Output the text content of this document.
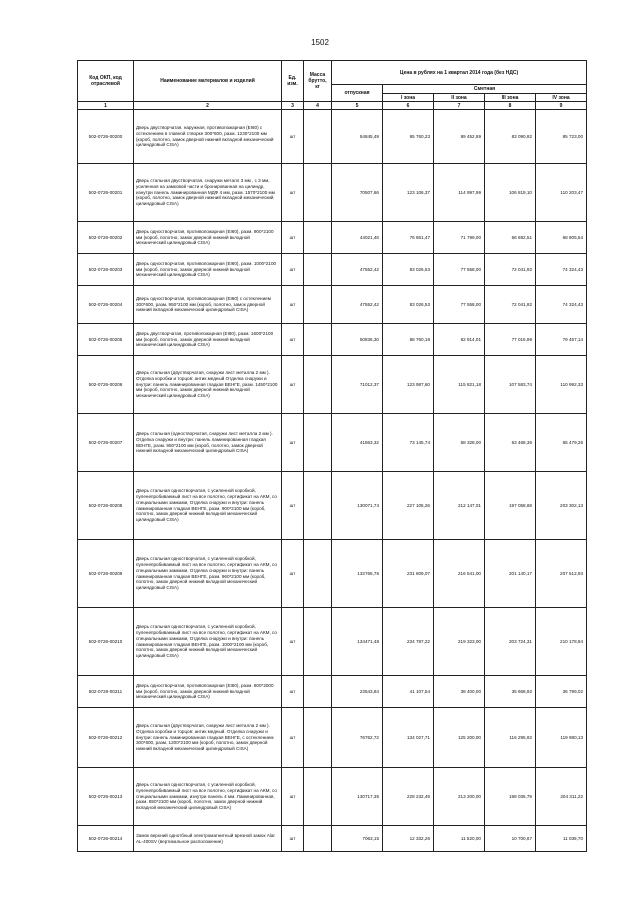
1502
Код ОКП, код отраслевой	Наименование материалов и изделий	Ед. изм.	Масса брутто, кг	Цена в рублях на 1 квартал 2014 года (без НДС)				
				отпускная	Сметная			
					I зона	II зона	III зона	IV зона
1	2	3	4	5	6	7	8	9
502-0726-00200	Дверь двустворчатая, наружная, противопожарная (EI60) с остеклением в главной створке 300*600, разм. 1230*2100 мм (короб, полотно, замок дверной нижний вкладной механический цилиндровый CISA)	шт		54845,49	95 760,23	89 452,69	83 090,92	85 723,00
502-0726-00201	Дверь стальная двустворчатая, снаружи металл 3 мм , с 3 мм, усиленная на замковой части и бронированная на цилиндр, изнутри панель ламинированная МДФ 4 мм, разм. 1570*2100 мм (короб, полотно, замок дверной нижний вкладной механический цилиндровый CISA)	шт		70507,66	123 106,37	114 997,99	106 819,10	110 203,47
502-0726-00202	Дверь одностворчатая, противопожарная (EI60), разм. 900*2100 мм (короб, полотно, замок дверной нижний вкладной механический цилиндровый CISA)	шт		44021,46	76 861,47	71 799,00	66 692,51	68 805,54
502-0726-00203	Дверь одностворчатая, противопожарная (EI60), разм. 1000*2100 мм (короб, полотно, замок дверной нижний вкладной механический цилиндровый CISA)	шт		47552,42	83 026,53	77 558,00	72 041,92	74 324,43
502-0726-00204	Дверь одностворчатая, противопожарная (EI60) с остеклением 300*600, разм. 950*2100 мм (короб, полотно, замок дверной нижний вкладной механический цилиндровый CISA)	шт		47552,42	83 026,53	77 558,00	72 041,92	74 324,43
502-0726-00205	Дверь двустворчатая, противопожарная (EI60), разм. 1600*2100 мм (короб, полотно, замок дверной нижний вкладной механический цилиндровый CISA)	шт		50836,30	88 760,18	82 914,01	77 016,99	79 457,14
502-0726-00206	Дверь стальная (двустворчатая, снаружи лист металла 2 мм ). Отделка коробки и торцов: антик медный Отделка снаружи и внутри: панель ламинированная гладкая ВЕНГЕ, разм. 1450*2100 мм (короб, полотно, замок дверной нижний вкладной механический цилиндровый CISA)	шт		71012,37	123 987,60	115 821,18	107 583,74	110 992,33
502-0726-00207	Дверь стальная (одностворчатая, снаружи лист металла 2 мм ). Отделка снаружи и внутри: панель ламинированная гладкая ВЕНГЕ, разм. 950*2100 мм (короб, полотно, замок дверной нижний вкладной механический цилиндровый CISA)	шт		41863,32	73 145,74	68 328,00	63 468,36	65 479,26
502-0726-00208	Дверь стальная одностворчатая, с усиленной коробкой, пуленепробиваемый лист на все полотно, сертификат на АКМ, со специальными замками, Отделка снаружи и внутри: панель ламинированная гладкая ВЕНГЕ, разм. 900*2100 мм (короб, полотно, замок дверной нижний вкладной механический цилиндровый CISA)	шт		130071,74	227 105,26	212 147,01	197 058,69	203 302,13
502-0726-00209	Дверь стальная одностворчатая, с усиленной коробкой, пуленепробиваемый лист на все полотно, сертификат на АКМ, со специальными замками, Отделка снаружи и внутри: панель ламинированная гладкая ВЕНГЕ, разм. 960*2100 мм (короб, полотно, замок дверной нижний вкладной механический цилиндровый CISA)	шт		132765,76	231 809,07	216 541,00	201 140,17	207 512,93
502-0726-00210	Дверь стальная одностворчатая, с усиленной коробкой, пуленепробиваемый лист на все полотно, сертификат на АКМ, со специальными замками, Отделка снаружи и внутри: панель ламинированная гладкая ВЕНГЕ, разм. 1000*2100 мм (короб, полотно, замок дверной нижний вкладной механический цилиндровый CISA)	шт		134471,48	234 787,22	219 323,00	203 724,31	210 178,94
502-0726-00211	Дверь одностворчатая, противопожарная (EI60), разм. 800*2000 мм (короб, полотно, замок дверной нижний вкладной механический цилиндровый CISA)	шт		23543,84	41 107,54	38 400,00	35 668,92	36 799,02
502-0726-00212	Дверь стальная (двустворчатая, снаружи лист металла 2 мм ). Отделка коробки и торцов: антик медный. Отделка снаружи и внутри: панель ламинированная гладкая ВЕНГЕ, с остеклением 300*600, разм. 1200*2100 мм (короб, полотно, замок дверной нижний вкладной механический цилиндровый CISA)	шт		76762,72	134 027,71	125 200,00	116 295,92	119 980,13
502-0726-00213	Дверь стальная одностворчатая, с усиленной коробкой, пуленепробиваемый лист на все полотно, сертификат на АКМ, со специальными замками, изнутри панель 4 мм. Ламинированная, разм. 850*2100 мм (короб, полотно, замок дверной нижний вкладной механический цилиндровый CISA)	шт		130717,35	228 232,49	213 200,00	198 035,79	204 311,22
502-0726-00214	Замок верхний однотбный электромагнитный врезной замок Alar AL-400SV (вертикальное расположение)	шт		7063,15	12 332,26	11 520,00	10 700,67	11 039,70
